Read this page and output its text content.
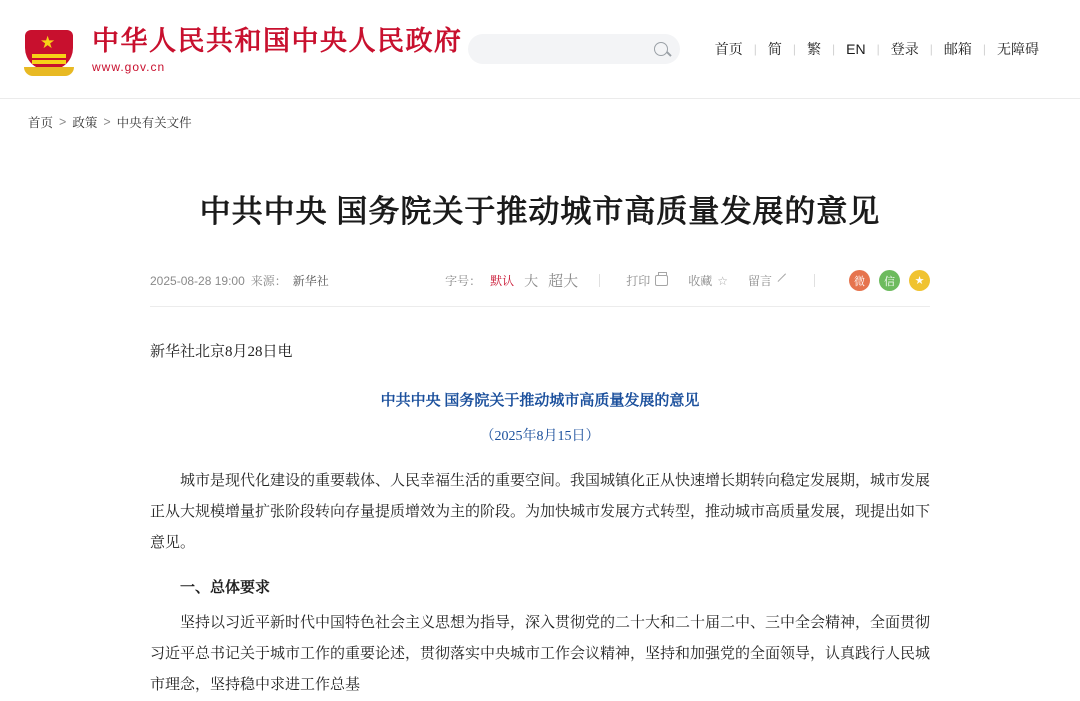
★ 中华人民共和国中央人民政府
www.gov.cn
首页 | 简 | 繁 | EN | 登录 | 邮箱 | 无障碍
首页 > 政策 > 中央有关文件
中共中央 国务院关于推动城市高质量发展的意见
2025-08-28 19:00 来源： 新华社	字号： 默认 大 超大	打印	收藏 ☆ 留言	微	信	★

新华社北京8月28日电

中共中央 国务院关于推动城市高质量发展的意见

（2025年8月15日）

城市是现代化建设的重要载体、人民幸福生活的重要空间。我国城镇化正从快速增长期转向稳定发展期，城市发展正从大规模增量扩张阶段转向存量提质增效为主的阶段。为加快城市发展方式转型，推动城市高质量发展，现提出如下意见。

一、总体要求

坚持以习近平新时代中国特色社会主义思想为指导，深入贯彻党的二十大和二十届二中、三中全会精神，全面贯彻习近平总书记关于城市工作的重要论述，贯彻落实中央城市工作会议精神，坚持和加强党的全面领导，认真践行人民城市理念，坚持稳中求进工作总基
